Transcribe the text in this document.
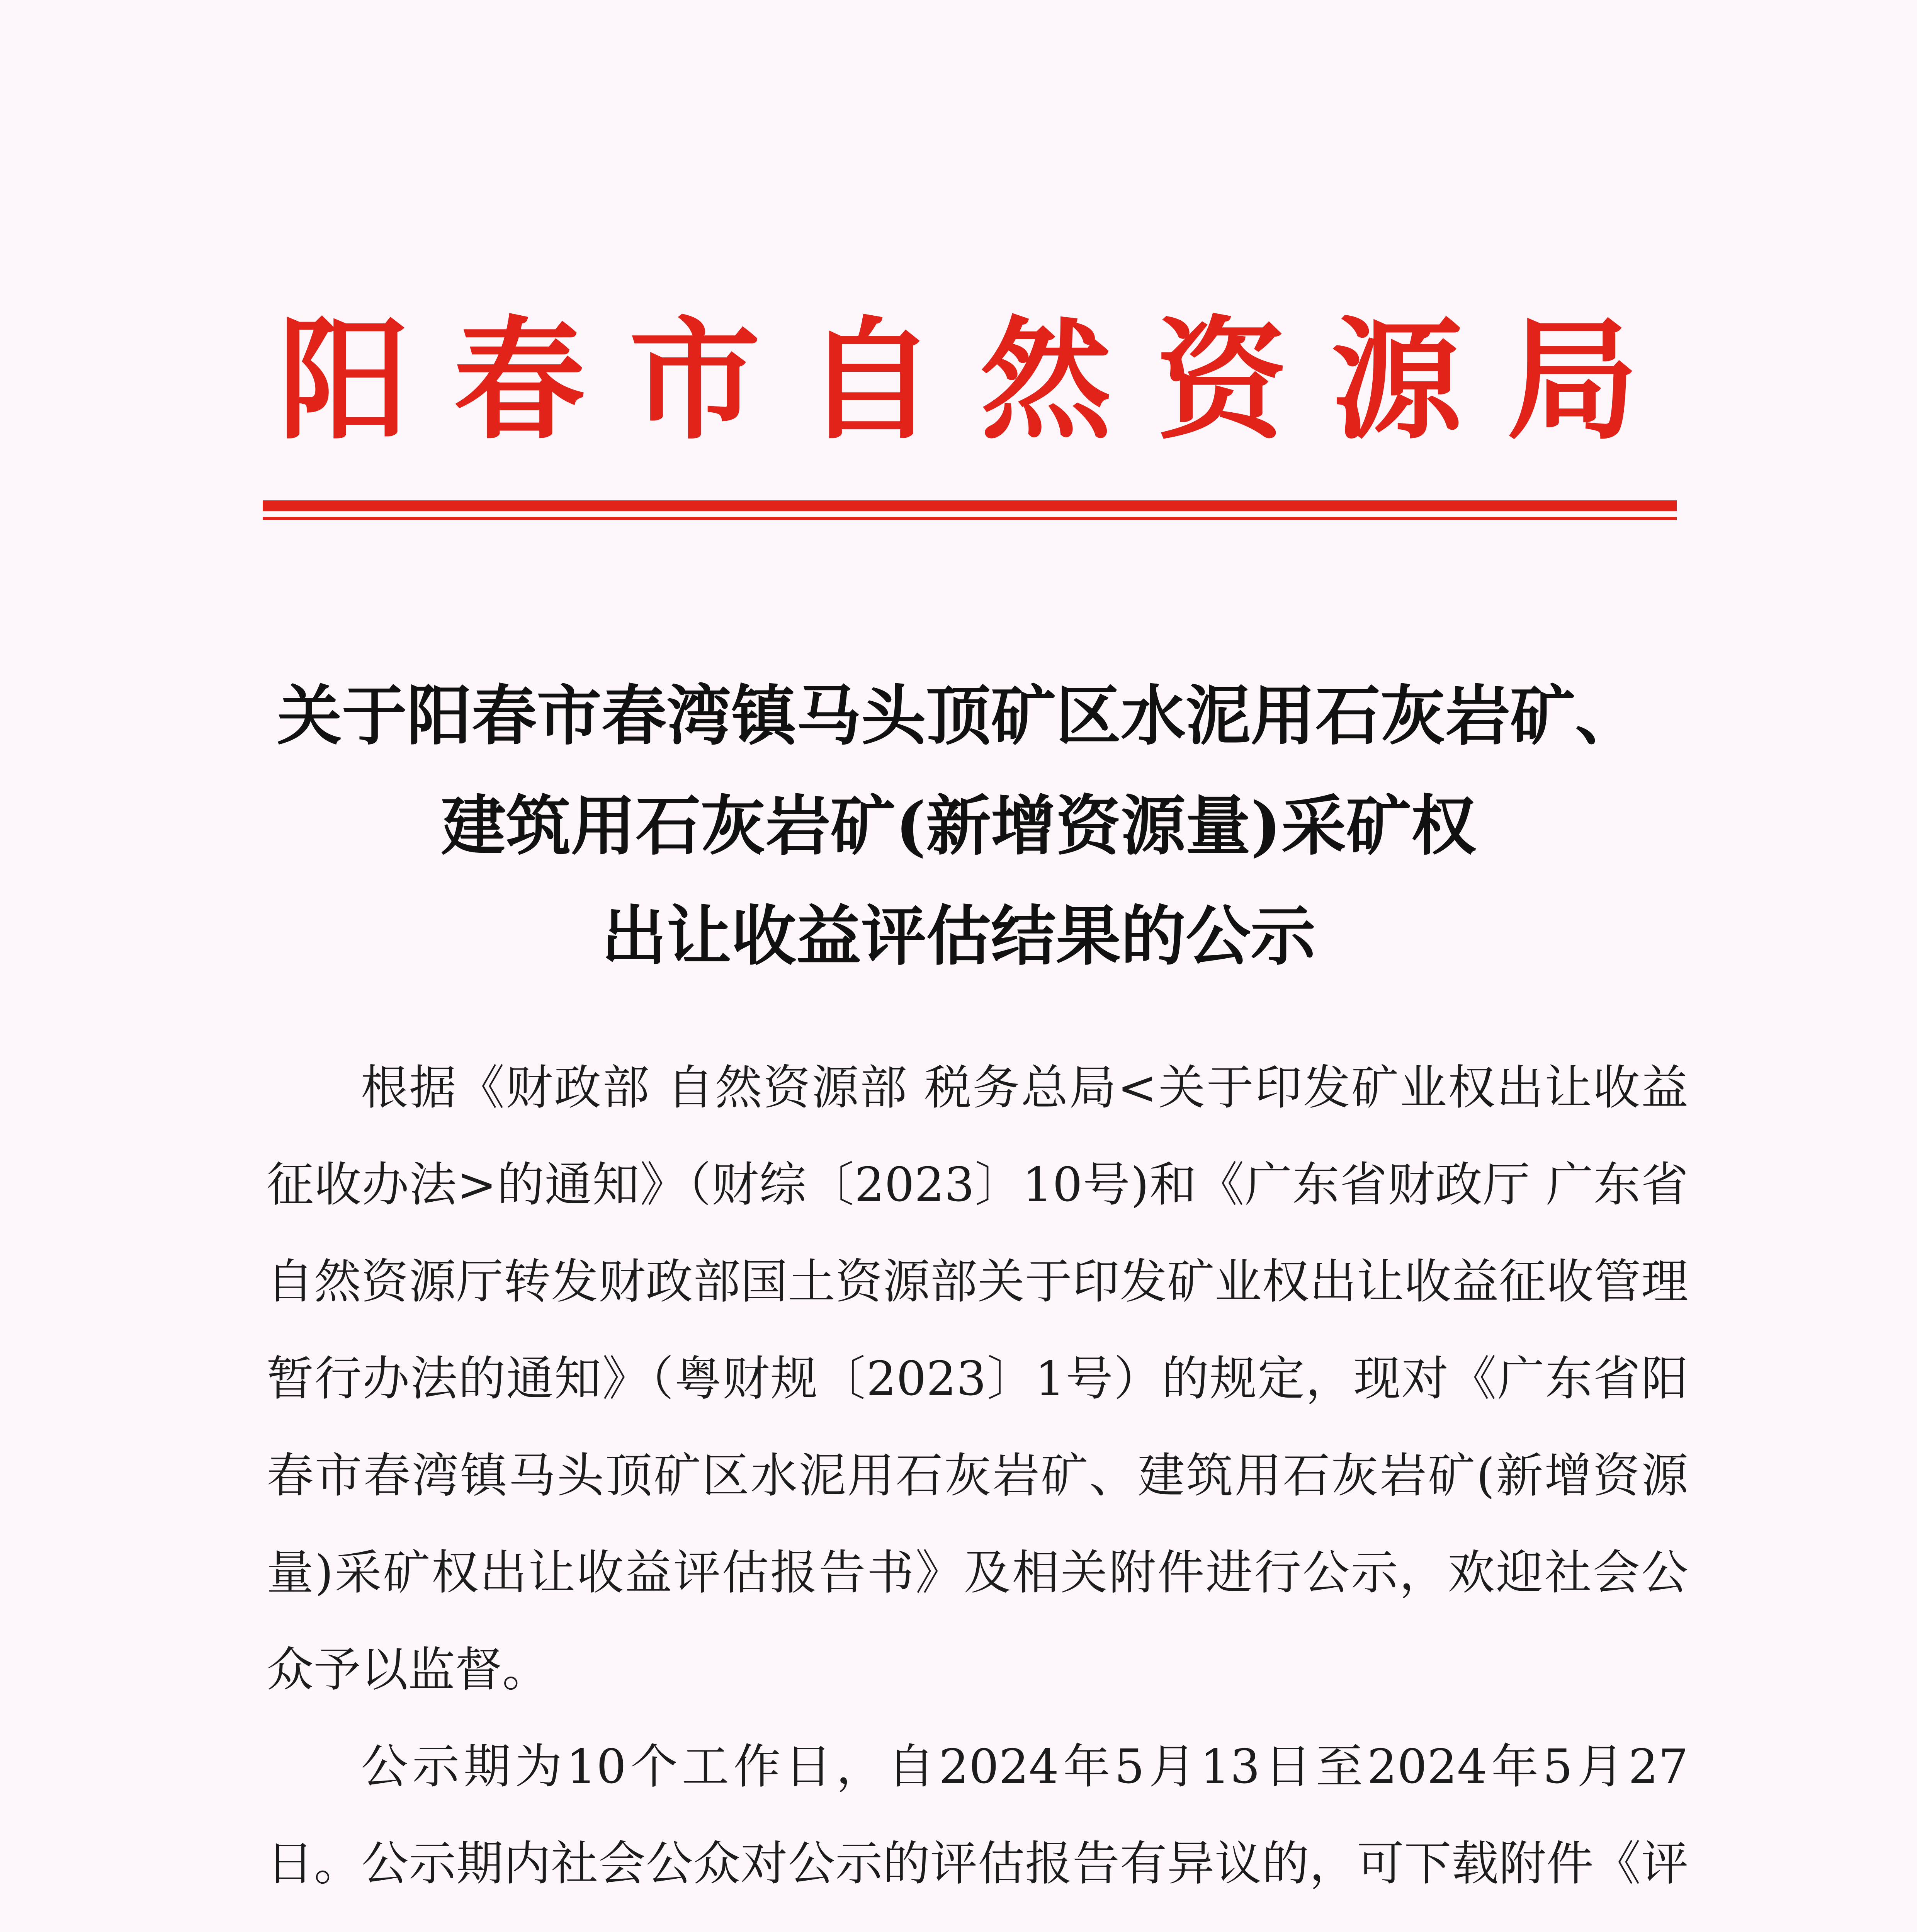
阳 春 市 自 然 资 源 局
关于阳春市春湾镇马头顶矿区水泥用石灰岩矿、
建筑用石灰岩矿(新增资源量)采矿权
出让收益评估结果的公示

根据《财政部 自然资源部 税务总局<关于印发矿业权出让收益征收办法>的通知》（财综〔2023〕10号)和《广东省财政厅 广东省自然资源厅转发财政部国土资源部关于印发矿业权出让收益征收管理暂行办法的通知》（粤财规〔2023〕1号）的规定，现对《广东省阳春市春湾镇马头顶矿区水泥用石灰岩矿、建筑用石灰岩矿(新增资源量)采矿权出让收益评估报告书》及相关附件进行公示，欢迎社会公众予以监督。

公示期为10个工作日，自2024年5月13日至2024年5月27日。公示期内社会公众对公示的评估报告有异议的，可下载附件《评
